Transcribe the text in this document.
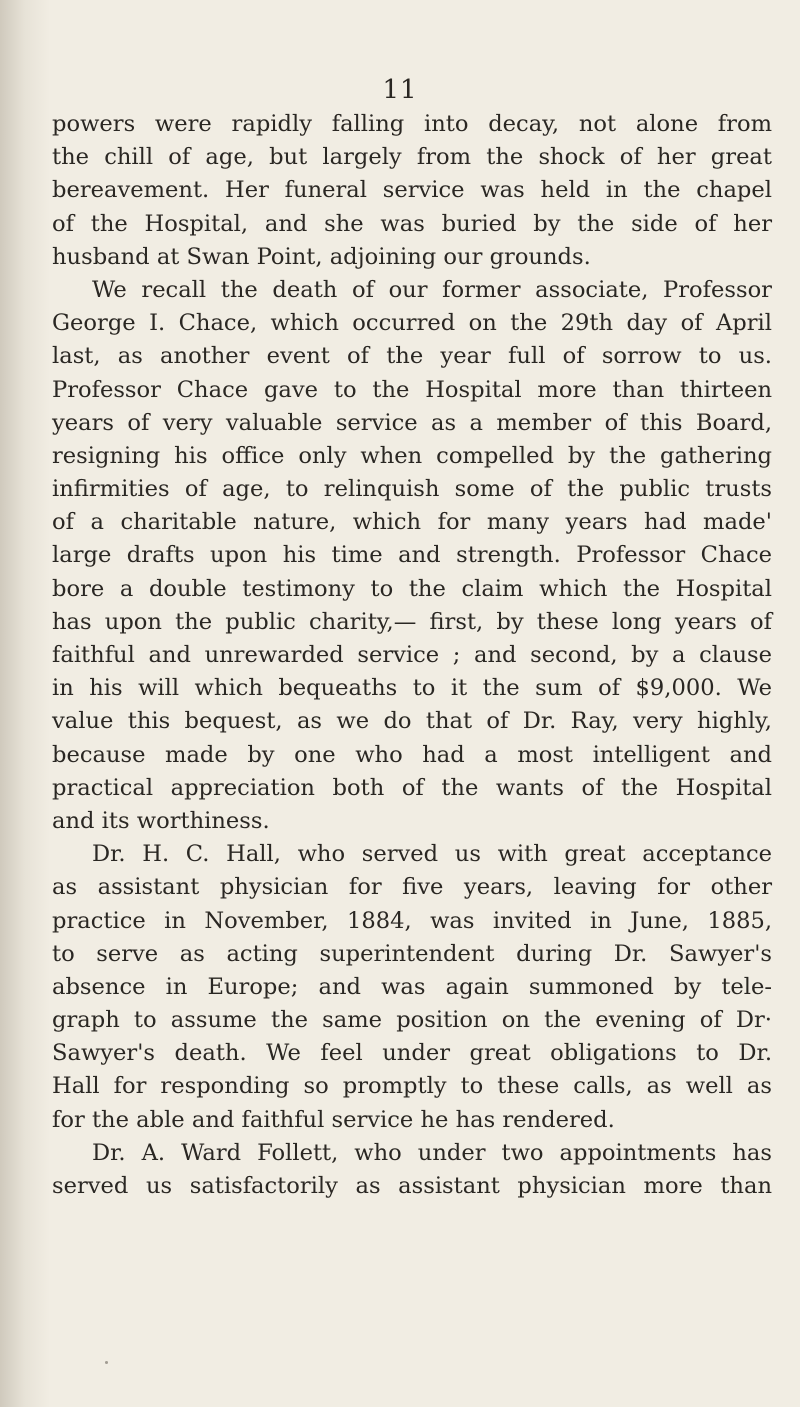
11
powers were rapidly falling into decay, not alone from
the chill of age, but largely from the shock of her great
bereavement. Her funeral service was held in the chapel
of the Hospital, and she was buried by the side of her
husband at Swan Point, adjoining our grounds.
We recall the death of our former associate, Professor
George I. Chace, which occurred on the 29th day of April
last, as another event of the year full of sorrow to us.
Professor Chace gave to the Hospital more than thirteen
years of very valuable service as a member of this Board,
resigning his office only when compelled by the gathering
infirmities of age, to relinquish some of the public trusts
of a charitable nature, which for many years had made'
large drafts upon his time and strength. Professor Chace
bore a double testimony to the claim which the Hospital
has upon the public charity,— first, by these long years of
faithful and unrewarded service ; and second, by a clause
in his will which bequeaths to it the sum of $9,000. We
value this bequest, as we do that of Dr. Ray, very highly,
because made by one who had a most intelligent and
practical appreciation both of the wants of the Hospital
and its worthiness.
Dr. H. C. Hall, who served us with great acceptance
as assistant physician for five years, leaving for other
practice in November, 1884, was invited in June, 1885,
to serve as acting superintendent during Dr. Sawyer's
absence in Europe; and was again summoned by tele-
graph to assume the same position on the evening of Dr·
Sawyer's death. We feel under great obligations to Dr.
Hall for responding so promptly to these calls, as well as
for the able and faithful service he has rendered.
Dr. A. Ward Follett, who under two appointments has
served us satisfactorily as assistant physician more than
